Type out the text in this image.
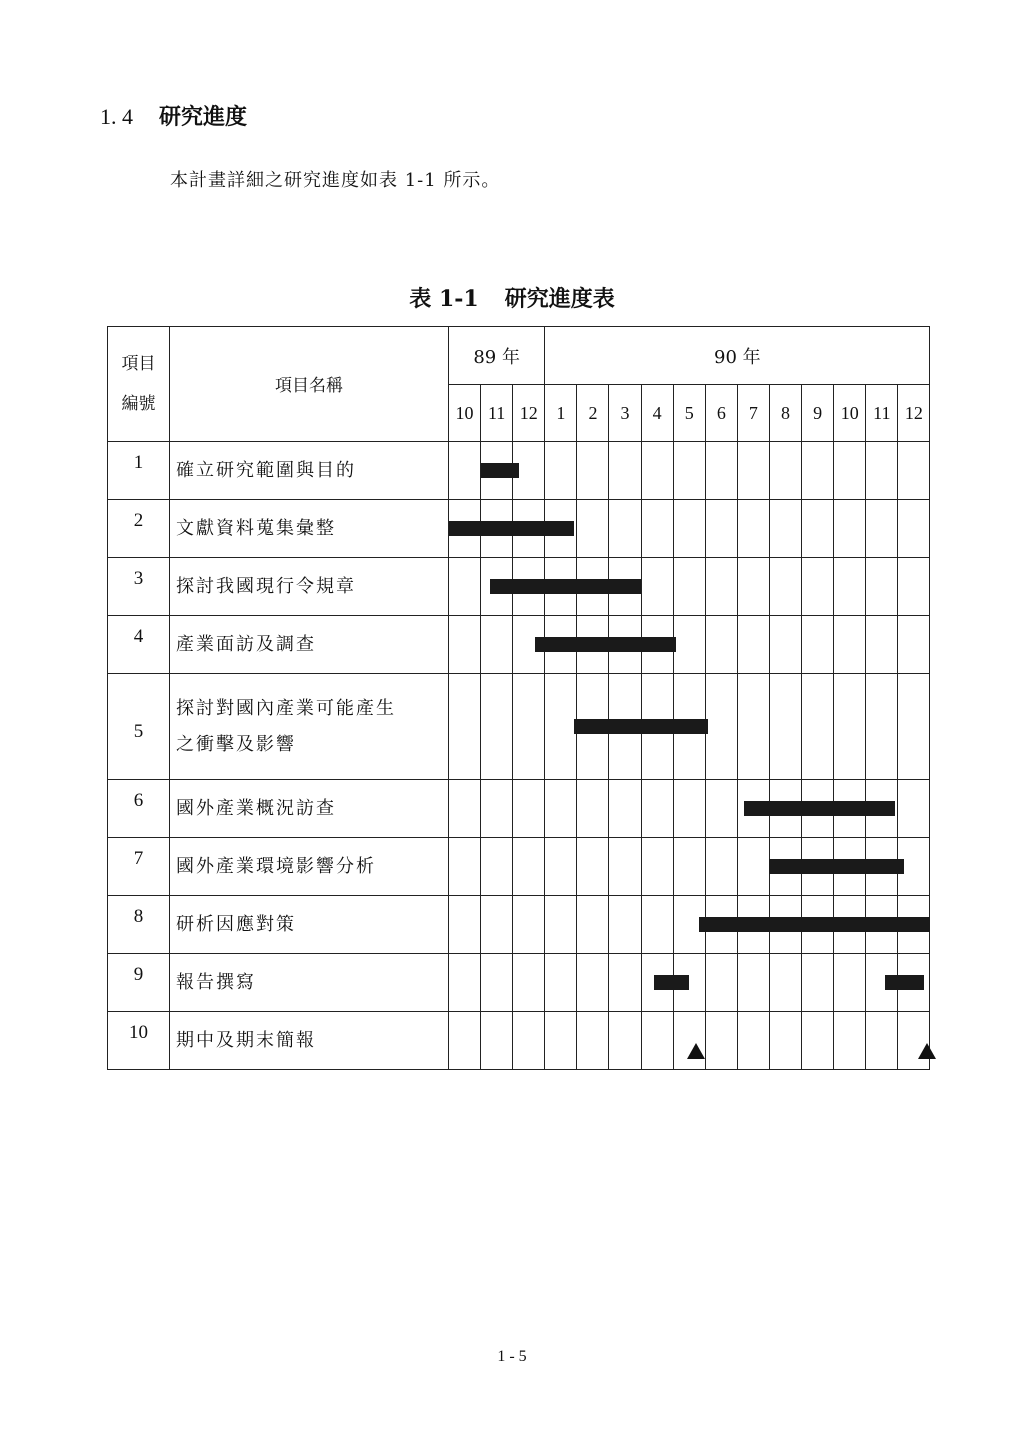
1. 4 研究進度
本計畫詳細之研究進度如表 1-1 所示。
表 1-1 研究進度表
項目
編號	項目名稱	89 年			90 年											
		10	11	12	1	2	3	4	5	6	7	8	9	10	11	12
1	確立研究範圍與目的															
2	文獻資料蒐集彙整															
3	探討我國現行令規章															
4	產業面訪及調查															
5	探討對國內產業可能產生
之衝擊及影響															

6	國外產業概況訪查															
7	國外產業環境影響分析															
8	研析因應對策															
9	報告撰寫															
10	期中及期末簡報															
1 - 5
